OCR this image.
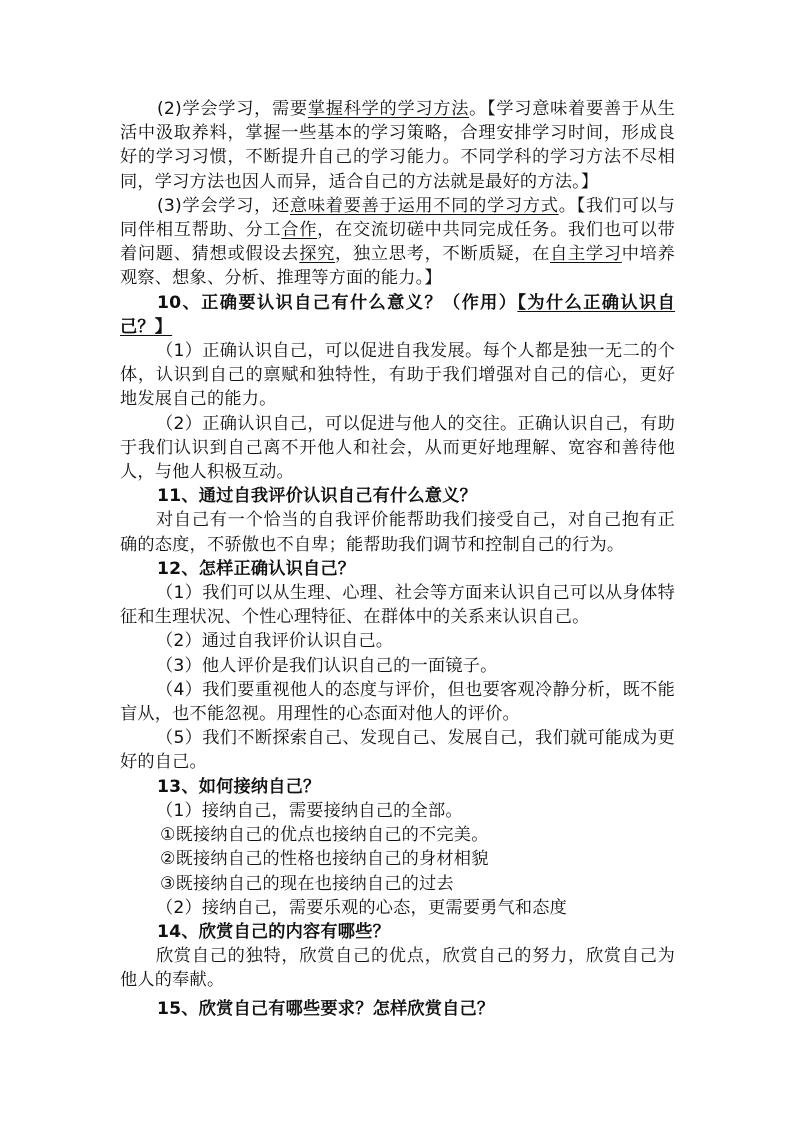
(2)学会学习，需要掌握科学的学习方法。【学习意味着要善于从生活中汲取养料，掌握一些基本的学习策略，合理安排学习时间，形成良好的学习习惯，不断提升自己的学习能力。不同学科的学习方法不尽相同，学习方法也因人而异，适合自己的方法就是最好的方法。】

(3)学会学习，还意味着要善于运用不同的学习方式。【我们可以与同伴相互帮助、分工合作，在交流切磋中共同完成任务。我们也可以带着问题、猜想或假设去探究，独立思考，不断质疑，在自主学习中培养观察、想象、分析、推理等方面的能力。】

10、正确要认识自己有什么意义？（作用）【为什么正确认识自己？】

（1）正确认识自己，可以促进自我发展。每个人都是独一无二的个体，认识到自己的禀赋和独特性，有助于我们增强对自己的信心，更好地发展自己的能力。

（2）正确认识自己，可以促进与他人的交往。正确认识自己，有助于我们认识到自己离不开他人和社会，从而更好地理解、宽容和善待他人，与他人积极互动。

11、通过自我评价认识自己有什么意义？

对自己有一个恰当的自我评价能帮助我们接受自己，对自己抱有正确的态度，不骄傲也不自卑；能帮助我们调节和控制自己的行为。

12、怎样正确认识自己？

（1）我们可以从生理、心理、社会等方面来认识自己可以从身体特征和生理状况、个性心理特征、在群体中的关系来认识自己。

（2）通过自我评价认识自己。

（3）他人评价是我们认识自己的一面镜子。

（4）我们要重视他人的态度与评价，但也要客观冷静分析，既不能盲从，也不能忽视。用理性的心态面对他人的评价。

（5）我们不断探索自己、发现自己、发展自己，我们就可能成为更好的自己。

13、如何接纳自己？

（1）接纳自己，需要接纳自己的全部。

①既接纳自己的优点也接纳自己的不完美。

②既接纳自己的性格也接纳自己的身材相貌

③既接纳自己的现在也接纳自己的过去

（2）接纳自己，需要乐观的心态，更需要勇气和态度

14、欣赏自己的内容有哪些？

欣赏自己的独特，欣赏自己的优点，欣赏自己的努力，欣赏自己为他人的奉献。

15、欣赏自己有哪些要求？怎样欣赏自己？
